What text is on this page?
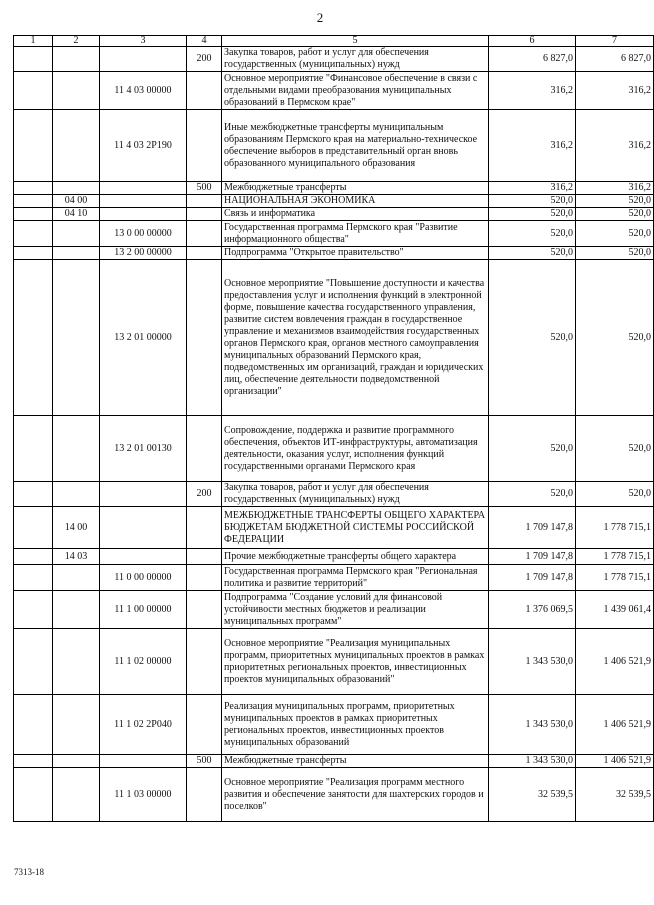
2
1	2	3	4	5	6	7
			200	Закупка товаров, работ и услуг для обеспечения государственных (муниципальных) нужд	6 827,0	6 827,0
		11 4 03 00000		Основное мероприятие "Финансовое обеспечение в связи с отдельными видами преобразования муниципальных образований в Пермском крае"	316,2	316,2
		11 4 03 2Р190		Иные межбюджетные трансферты муниципальным образованиям Пермского края на материально-техническое обеспечение выборов в представительный орган вновь образованного муниципального образования	316,2	316,2
			500	Межбюджетные трансферты	316,2	316,2
	04 00			НАЦИОНАЛЬНАЯ ЭКОНОМИКА	520,0	520,0
	04 10			Связь и информатика	520,0	520,0
		13 0 00 00000		Государственная программа Пермского края "Развитие информационного общества"	520,0	520,0
		13 2 00 00000		Подпрограмма "Открытое правительство"	520,0	520,0
		13 2 01 00000		Основное мероприятие "Повышение доступности и качества предоставления услуг и исполнения функций в электронной форме, повышение качества государственного управления, развитие систем вовлечения граждан в государственное управление и механизмов взаимодействия государственных органов Пермского края, органов местного самоуправления муниципальных образований Пермского края, подведомственных им организаций, граждан и юридических лиц, обеспечение деятельности подведомственной организации"	520,0	520,0
		13 2 01 00130		Сопровождение, поддержка и развитие программного обеспечения, объектов ИТ-инфраструктуры, автоматизация деятельности, оказания услуг, исполнения функций государственными органами Пермского края	520,0	520,0
			200	Закупка товаров, работ и услуг для обеспечения государственных (муниципальных) нужд	520,0	520,0
	14 00			МЕЖБЮДЖЕТНЫЕ ТРАНСФЕРТЫ ОБЩЕГО ХАРАКТЕРА БЮДЖЕТАМ БЮДЖЕТНОЙ СИСТЕМЫ РОССИЙСКОЙ ФЕДЕРАЦИИ	1 709 147,8	1 778 715,1
	14 03			Прочие межбюджетные трансферты общего характера	1 709 147,8	1 778 715,1
		11 0 00 00000		Государственная программа Пермского края "Региональная политика и развитие территорий"	1 709 147,8	1 778 715,1
		11 1 00 00000		Подпрограмма "Создание условий для финансовой устойчивости местных бюджетов и реализации муниципальных программ"	1 376 069,5	1 439 061,4
		11 1 02 00000		Основное мероприятие "Реализация муниципальных программ, приоритетных муниципальных проектов в рамках приоритетных региональных проектов, инвестиционных проектов муниципальных образований"	1 343 530,0	1 406 521,9
		11 1 02 2Р040		Реализация муниципальных программ, приоритетных муниципальных проектов в рамках приоритетных региональных проектов, инвестиционных проектов муниципальных образований	1 343 530,0	1 406 521,9
			500	Межбюджетные трансферты	1 343 530,0	1 406 521,9
		11 1 03 00000		Основное мероприятие "Реализация программ местного развития и обеспечение занятости для шахтерских городов и поселков"	32 539,5	32 539,5
7313-18
